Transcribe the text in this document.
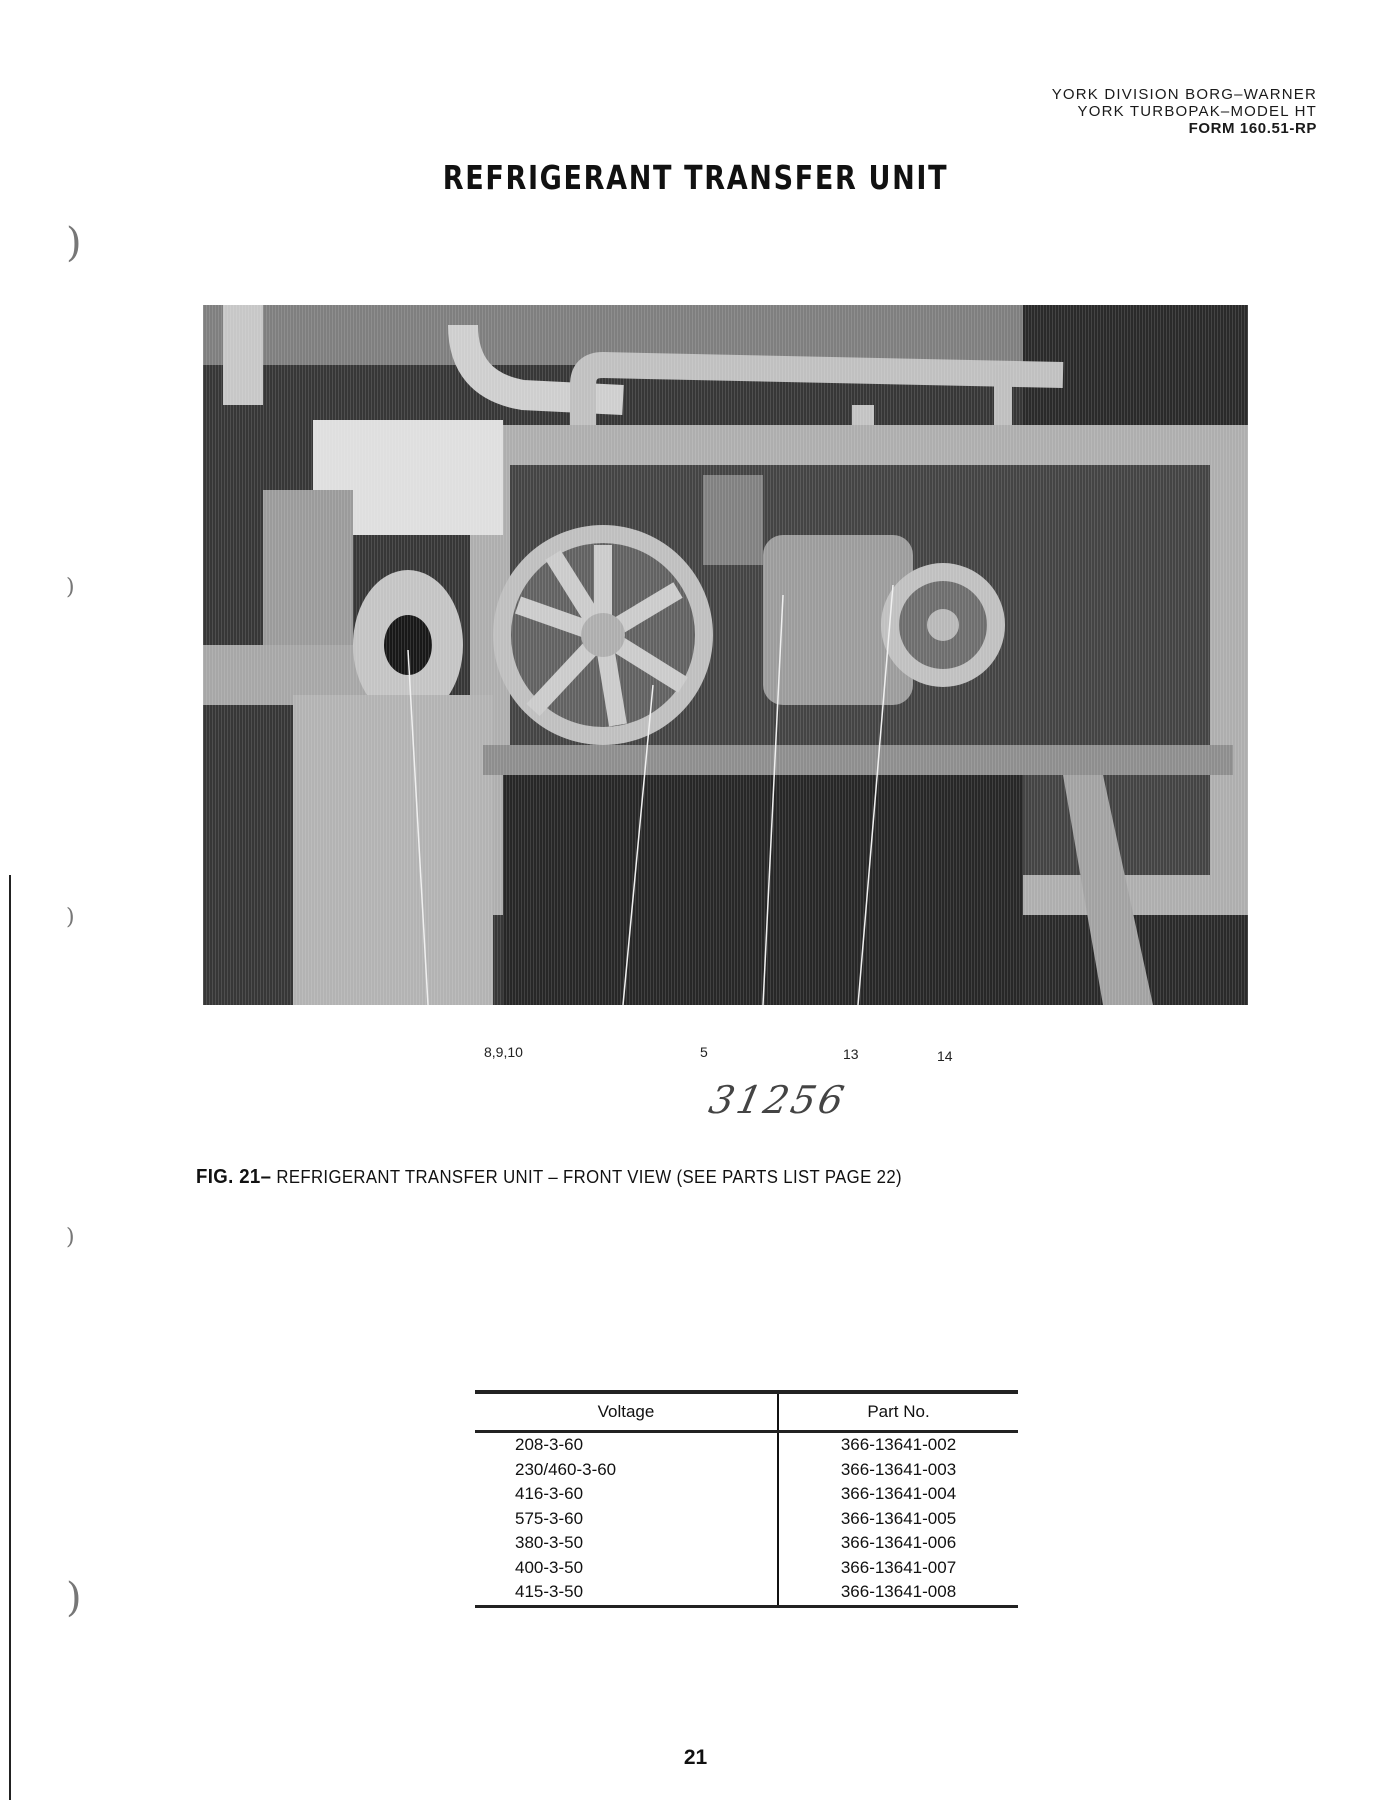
)
)
)
)
)
YORK DIVISION BORG–WARNER
YORK TURBOPAK–MODEL HT
FORM 160.51-RP
REFRIGERANT TRANSFER UNIT
8,9,10	5	13	14
31256
FIG. 21– REFRIGERANT TRANSFER UNIT – FRONT VIEW (SEE PARTS LIST PAGE 22)
Voltage	Part No.
208-3-60	366-13641-002
230/460-3-60	366-13641-003
416-3-60	366-13641-004
575-3-60	366-13641-005
380-3-50	366-13641-006
400-3-50	366-13641-007
415-3-50	366-13641-008
21
